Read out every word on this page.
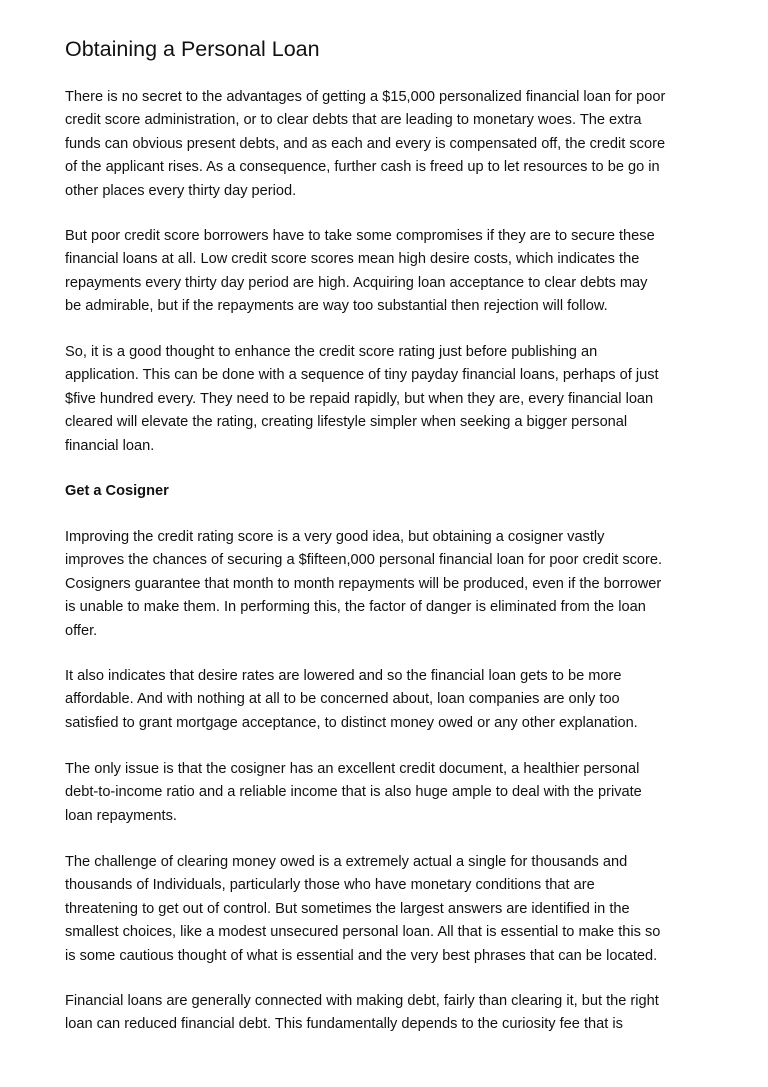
Obtaining a Personal Loan
There is no secret to the advantages of getting a $15,000 personalized financial loan for poor
credit score administration, or to clear debts that are leading to monetary woes. The extra
funds can obvious present debts, and as each and every is compensated off, the credit score
of the applicant rises. As a consequence, further cash is freed up to let resources to be go in
other places every thirty day period.
But poor credit score borrowers have to take some compromises if they are to secure these
financial loans at all. Low credit score scores mean high desire costs, which indicates the
repayments every thirty day period are high. Acquiring loan acceptance to clear debts may
be admirable, but if the repayments are way too substantial then rejection will follow.
So, it is a good thought to enhance the credit score rating just before publishing an
application. This can be done with a sequence of tiny payday financial loans, perhaps of just
$five hundred every. They need to be repaid rapidly, but when they are, every financial loan
cleared will elevate the rating, creating lifestyle simpler when seeking a bigger personal
financial loan.
Get a Cosigner
Improving the credit rating score is a very good idea, but obtaining a cosigner vastly
improves the chances of securing a $fifteen,000 personal financial loan for poor credit score.
Cosigners guarantee that month to month repayments will be produced, even if the borrower
is unable to make them. In performing this, the factor of danger is eliminated from the loan
offer.
It also indicates that desire rates are lowered and so the financial loan gets to be more
affordable. And with nothing at all to be concerned about, loan companies are only too
satisfied to grant mortgage acceptance, to distinct money owed or any other explanation.
The only issue is that the cosigner has an excellent credit document, a healthier personal
debt-to-income ratio and a reliable income that is also huge ample to deal with the private
loan repayments.
The challenge of clearing money owed is a extremely actual a single for thousands and
thousands of Individuals, particularly those who have monetary conditions that are
threatening to get out of control. But sometimes the largest answers are identified in the
smallest choices, like a modest unsecured personal loan. All that is essential to make this so
is some cautious thought of what is essential and the very best phrases that can be located.
Financial loans are generally connected with making debt, fairly than clearing it, but the right
loan can reduced financial debt. This fundamentally depends to the curiosity fee that is
